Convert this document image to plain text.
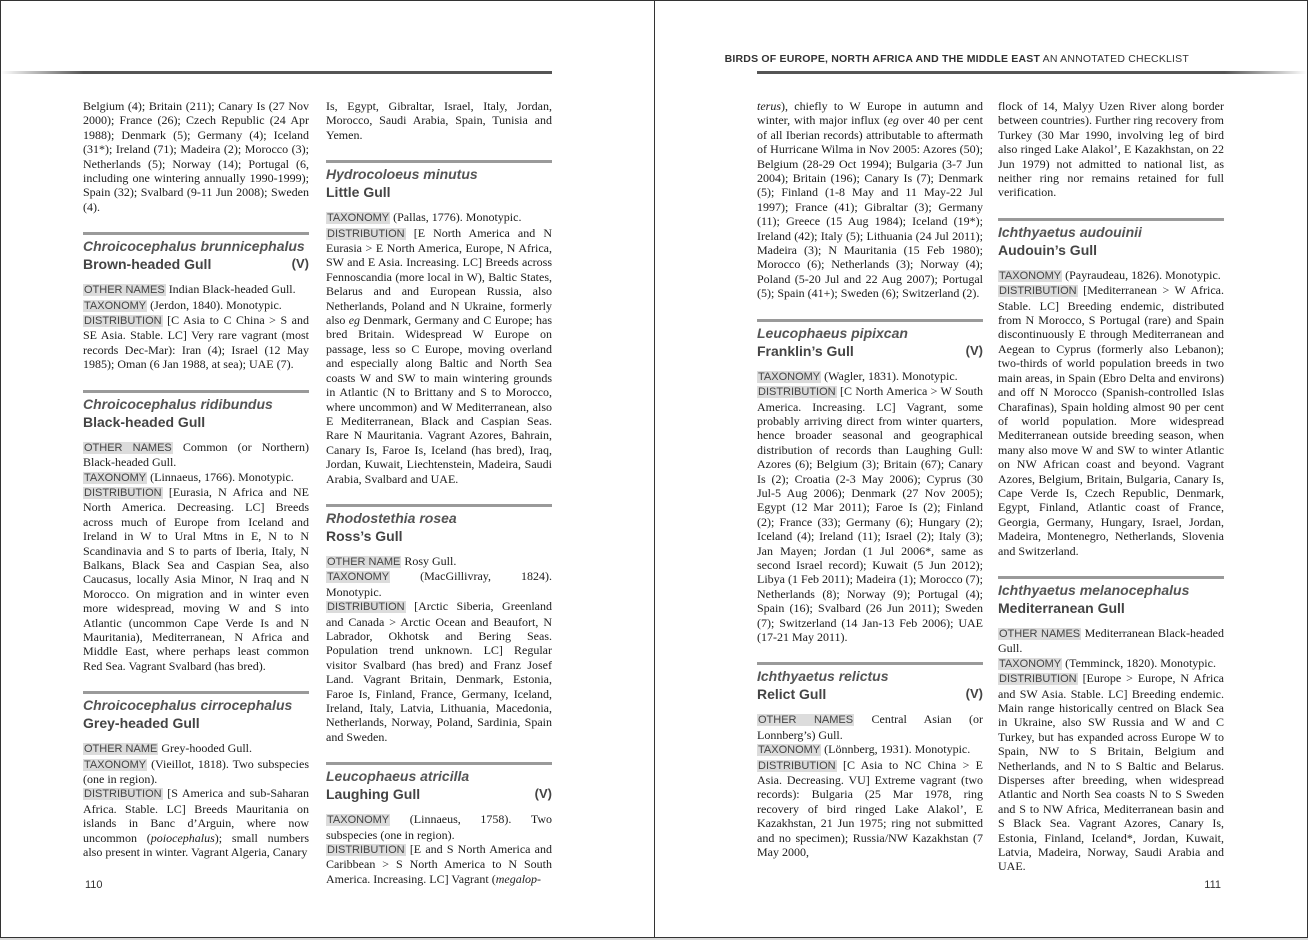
Belgium (4); Britain (211); Canary Is (27 Nov 2000); France (26); Czech Republic (24 Apr 1988); Denmark (5); Germany (4); Iceland (31*); Ireland (71); Madeira (2); Morocco (3); Netherlands (5); Norway (14); Portugal (6, including one wintering annually 1990-1999); Spain (32); Svalbard (9-11 Jun 2008); Sweden (4).

Chroicocephalus brunnicephalus
Brown-headed Gull	(V)

OTHER NAMES Indian Black-headed Gull.

TAXONOMY (Jerdon, 1840). Monotypic.

DISTRIBUTION [C Asia to C China > S and SE Asia. Stable. LC] Very rare vagrant (most records Dec-Mar): Iran (4); Israel (12 May 1985); Oman (6 Jan 1988, at sea); UAE (7).

Chroicocephalus ridibundus
Black-headed Gull

OTHER NAMES Common (or Northern) Black-headed Gull.

TAXONOMY (Linnaeus, 1766). Monotypic.

DISTRIBUTION [Eurasia, N Africa and NE North America. Decreasing. LC] Breeds across much of Europe from Iceland and Ireland in W to Ural Mtns in E, N to N Scandinavia and S to parts of Iberia, Italy, N Balkans, Black Sea and Caspian Sea, also Caucasus, locally Asia Minor, N Iraq and N Morocco. On migration and in winter even more widespread, moving W and S into Atlantic (uncommon Cape Verde Is and N Mauritania), Mediterranean, N Africa and Middle East, where perhaps least common Red Sea. Vagrant Svalbard (has bred).

Chroicocephalus cirrocephalus
Grey-headed Gull

OTHER NAME Grey-hooded Gull.

TAXONOMY (Vieillot, 1818). Two subspecies (one in region).

DISTRIBUTION [S America and sub-Saharan Africa. Stable. LC] Breeds Mauritania on islands in Banc d’Arguin, where now uncommon (poiocephalus); small numbers also present in winter. Vagrant Algeria, Canary

Is, Egypt, Gibraltar, Israel, Italy, Jordan, Morocco, Saudi Arabia, Spain, Tunisia and Yemen.

Hydrocoloeus minutus
Little Gull

TAXONOMY (Pallas, 1776). Monotypic.

DISTRIBUTION [E North America and N Eurasia > E North America, Europe, N Africa, SW and E Asia. Increasing. LC] Breeds across Fennoscandia (more local in W), Baltic States, Belarus and and European Russia, also Netherlands, Poland and N Ukraine, formerly also eg Denmark, Germany and C Europe; has bred Britain. Widespread W Europe on passage, less so C Europe, moving overland and especially along Baltic and North Sea coasts W and SW to main wintering grounds in Atlantic (N to Brittany and S to Morocco, where uncommon) and W Mediterranean, also E Mediterranean, Black and Caspian Seas. Rare N Mauritania. Vagrant Azores, Bahrain, Canary Is, Faroe Is, Iceland (has bred), Iraq, Jordan, Kuwait, Liechtenstein, Madeira, Saudi Arabia, Svalbard and UAE.

Rhodostethia rosea
Ross’s Gull

OTHER NAME Rosy Gull.

TAXONOMY	(MacGillivray, 1824). Monotypic.

DISTRIBUTION [Arctic Siberia, Greenland and Canada > Arctic Ocean and Beaufort, N Labrador, Okhotsk and Bering Seas. Population trend unknown. LC] Regular visitor Svalbard (has bred) and Franz Josef Land. Vagrant Britain, Denmark, Estonia, Faroe Is, Finland, France, Germany, Iceland, Ireland, Italy, Latvia, Lithuania, Macedonia, Netherlands, Norway, Poland, Sardinia, Spain and Sweden.

Leucophaeus atricilla
Laughing Gull	(V)

TAXONOMY (Linnaeus, 1758). Two subspecies (one in region).

DISTRIBUTION [E and S North America and Caribbean > S North America to N South America. Increasing. LC] Vagrant (megalop-

110
BIRDS OF EUROPE, NORTH AFRICA AND THE MIDDLE EAST AN ANNOTATED CHECKLIST

terus), chiefly to W Europe in autumn and winter, with major influx (eg over 40 per cent of all Iberian records) attributable to aftermath of Hurricane Wilma in Nov 2005: Azores (50); Belgium (28-29 Oct 1994); Bulgaria (3-7 Jun 2004); Britain (196); Canary Is (7); Denmark (5); Finland (1-8 May and 11 May-22 Jul 1997); France (41); Gibraltar (3); Germany (11); Greece (15 Aug 1984); Iceland (19*); Ireland (42); Italy (5); Lithuania (24 Jul 2011); Madeira (3); N Mauritania (15 Feb 1980); Morocco (6); Netherlands (3); Norway (4); Poland (5-20 Jul and 22 Aug 2007); Portugal (5); Spain (41+); Sweden (6); Switzerland (2).

Leucophaeus pipixcan
Franklin’s Gull	(V)

TAXONOMY (Wagler, 1831). Monotypic.

DISTRIBUTION [C North America > W South America. Increasing. LC] Vagrant, some probably arriving direct from winter quarters, hence broader seasonal and geographical distribution of records than Laughing Gull: Azores (6); Belgium (3); Britain (67); Canary Is (2); Croatia (2-3 May 2006); Cyprus (30 Jul-5 Aug 2006); Denmark (27 Nov 2005); Egypt (12 Mar 2011); Faroe Is (2); Finland (2); France (33); Germany (6); Hungary (2); Iceland (4); Ireland (11); Israel (2); Italy (3); Jan Mayen; Jordan (1 Jul 2006*, same as second Israel record); Kuwait (5 Jun 2012); Libya (1 Feb 2011); Madeira (1); Morocco (7); Netherlands (8); Norway (9); Portugal (4); Spain (16); Svalbard (26 Jun 2011); Sweden (7); Switzerland (14 Jan-13 Feb 2006); UAE (17-21 May 2011).

Ichthyaetus relictus
Relict Gull	(V)

OTHER NAMES Central Asian (or Lonnberg’s) Gull.

TAXONOMY (Lönnberg, 1931). Monotypic.

DISTRIBUTION [C Asia to NC China > E Asia. Decreasing. VU] Extreme vagrant (two records): Bulgaria (25 Mar 1978, ring recovery of bird ringed Lake Alakol’, E Kazakhstan, 21 Jun 1975; ring not submitted and no specimen); Russia/NW Kazakhstan (7 May 2000,

flock of 14, Malyy Uzen River along border between countries). Further ring recovery from Turkey (30 Mar 1990, involving leg of bird also ringed Lake Alakol’, E Kazakhstan, on 22 Jun 1979) not admitted to national list, as neither ring nor remains retained for full verification.

Ichthyaetus audouinii
Audouin’s Gull

TAXONOMY (Payraudeau, 1826). Monotypic.

DISTRIBUTION [Mediterranean > W Africa. Stable. LC] Breeding endemic, distributed from N Morocco, S Portugal (rare) and Spain discontinuously E through Mediterranean and Aegean to Cyprus (formerly also Lebanon); two-thirds of world population breeds in two main areas, in Spain (Ebro Delta and environs) and off N Morocco (Spanish-controlled Islas Charafinas), Spain holding almost 90 per cent of world population. More widespread Mediterranean outside breeding season, when many also move W and SW to winter Atlantic on NW African coast and beyond. Vagrant Azores, Belgium, Britain, Bulgaria, Canary Is, Cape Verde Is, Czech Republic, Denmark, Egypt, Finland, Atlantic coast of France, Georgia, Germany, Hungary, Israel, Jordan, Madeira, Montenegro, Netherlands, Slovenia and Switzerland.

Ichthyaetus melanocephalus
Mediterranean Gull

OTHER NAMES Mediterranean Black-headed Gull.

TAXONOMY (Temminck, 1820). Monotypic.

DISTRIBUTION [Europe > Europe, N Africa and SW Asia. Stable. LC] Breeding endemic. Main range historically centred on Black Sea in Ukraine, also SW Russia and W and C Turkey, but has expanded across Europe W to Spain, NW to S Britain, Belgium and Netherlands, and N to S Baltic and Belarus. Disperses after breeding, when widespread Atlantic and North Sea coasts N to S Sweden and S to NW Africa, Mediterranean basin and S Black Sea. Vagrant Azores, Canary Is, Estonia, Finland, Iceland*, Jordan, Kuwait, Latvia, Madeira, Norway, Saudi Arabia and UAE.

111
